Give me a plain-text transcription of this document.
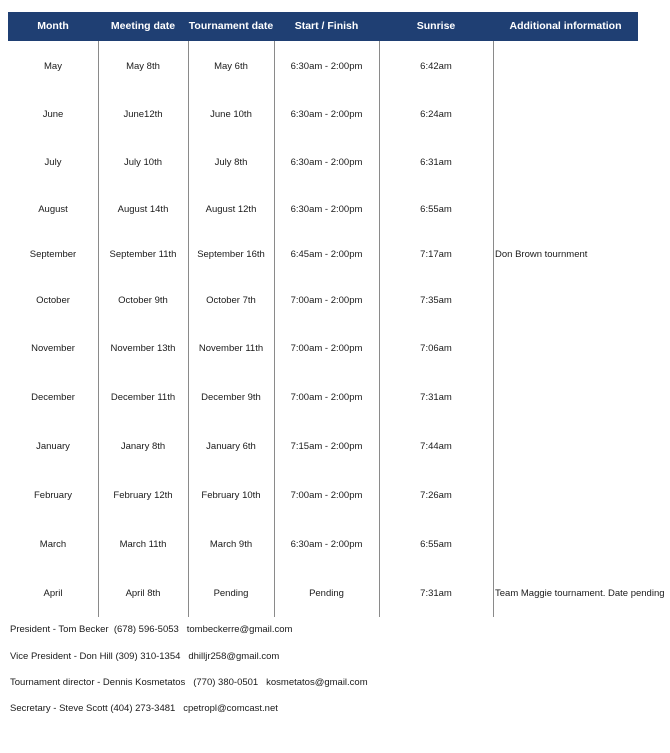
Month	Meeting date	Tournament date	Start / Finish	Sunrise	Additional information
May	May 8th	May 6th	6:30am - 2:00pm	6:42am
June	June12th	June 10th	6:30am - 2:00pm	6:24am
July	July 10th	July 8th	6:30am - 2:00pm	6:31am
August	August 14th	August 12th	6:30am - 2:00pm	6:55am
September	September 11th	September 16th	6:45am - 2:00pm	7:17am	Don Brown tournment
October	October 9th	October 7th	7:00am - 2:00pm	7:35am
November	November 13th	November 11th	7:00am - 2:00pm	7:06am
December	December 11th	December 9th	7:00am - 2:00pm	7:31am
January	Janary 8th	January 6th	7:15am - 2:00pm	7:44am
February	February 12th	February 10th	7:00am - 2:00pm	7:26am
March	March 11th	March 9th	6:30am - 2:00pm	6:55am
April	April 8th	Pending	Pending	7:31am	Team Maggie tournament. Date pending
President - Tom Becker (678) 596-5053 tombeckerre@gmail.com
Vice President - Don Hill (309) 310-1354 dhilljr258@gmail.com
Tournament director - Dennis Kosmetatos (770) 380-0501 kosmetatos@gmail.com
Secretary - Steve Scott (404) 273-3481 cpetropl@comcast.net
